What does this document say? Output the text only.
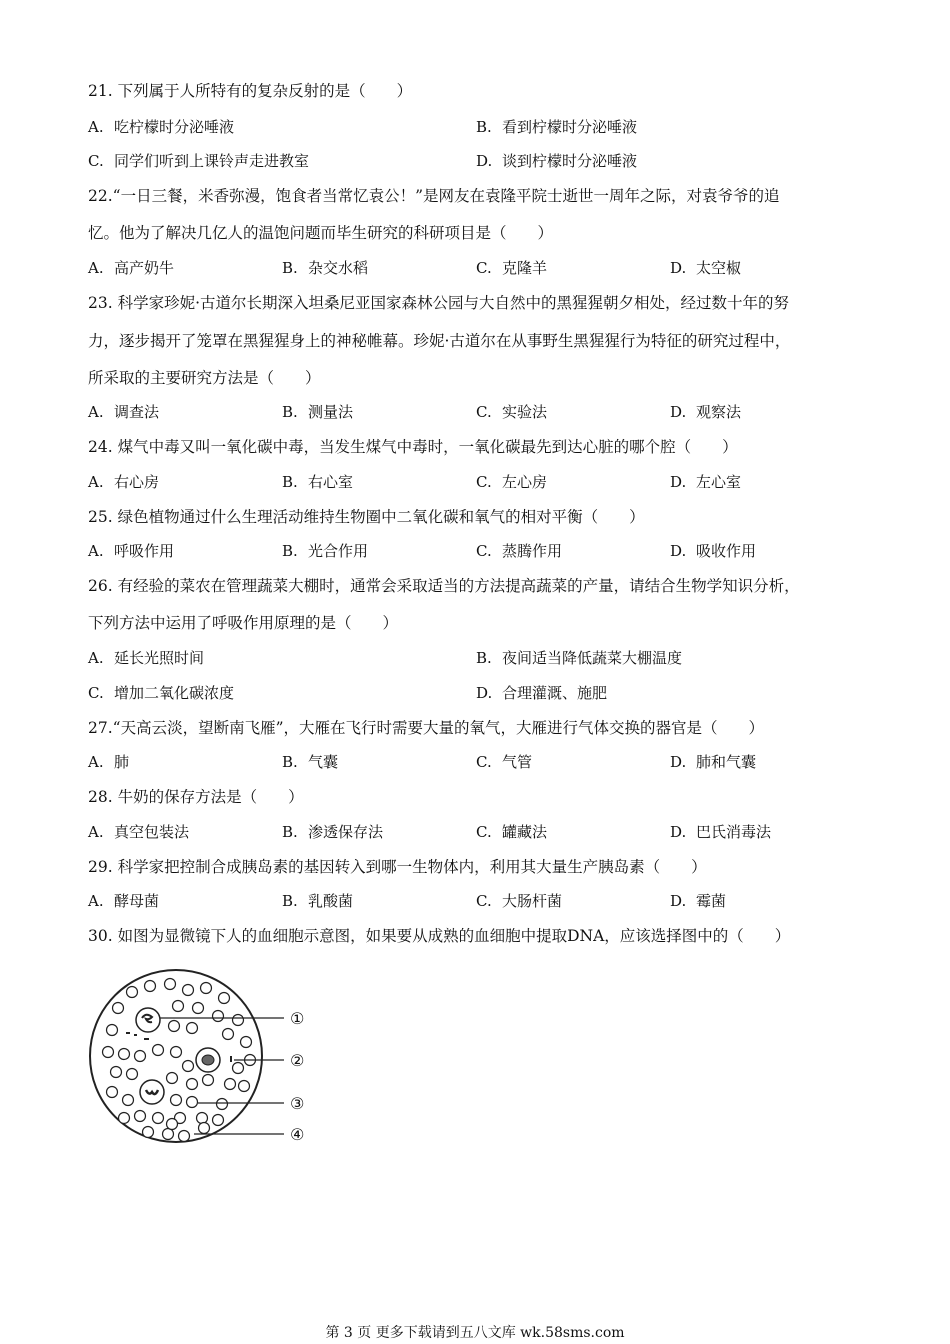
21. 下列属于人所特有的复杂反射的是（　　）
A. 吃柠檬时分泌唾液	B. 看到柠檬时分泌唾液
C. 同学们听到上课铃声走进教室	D. 谈到柠檬时分泌唾液
22.“一日三餐，米香弥漫，饱食者当常忆袁公！”是网友在袁隆平院士逝世一周年之际，对袁爷爷的追
忆。他为了解决几亿人的温饱问题而毕生研究的科研项目是（　　）
A. 高产奶牛	B. 杂交水稻	C. 克隆羊	D. 太空椒
23. 科学家珍妮·古道尔长期深入坦桑尼亚国家森林公园与大自然中的黑猩猩朝夕相处，经过数十年的努
力，逐步揭开了笼罩在黑猩猩身上的神秘帷幕。珍妮·古道尔在从事野生黑猩猩行为特征的研究过程中，
所采取的主要研究方法是（　　）
A. 调查法	B. 测量法	C. 实验法	D. 观察法
24. 煤气中毒又叫一氧化碳中毒，当发生煤气中毒时，一氧化碳最先到达心脏的哪个腔（　　）
A. 右心房	B. 右心室	C. 左心房	D. 左心室
25. 绿色植物通过什么生理活动维持生物圈中二氧化碳和氧气的相对平衡（　　）
A. 呼吸作用	B. 光合作用	C. 蒸腾作用	D. 吸收作用
26. 有经验的菜农在管理蔬菜大棚时，通常会采取适当的方法提高蔬菜的产量，请结合生物学知识分析，
下列方法中运用了呼吸作用原理的是（　　）
A. 延长光照时间	B. 夜间适当降低蔬菜大棚温度
C. 增加二氧化碳浓度	D. 合理灌溉、施肥
27.“天高云淡，望断南飞雁”，大雁在飞行时需要大量的氧气，大雁进行气体交换的器官是（　　）
A. 肺	B. 气囊	C. 气管	D. 肺和气囊
28. 牛奶的保存方法是（　　）
A. 真空包装法	B. 渗透保存法	C. 罐藏法	D. 巴氏消毒法
29. 科学家把控制合成胰岛素的基因转入到哪一生物体内，利用其大量生产胰岛素（　　）
A. 酵母菌	B. 乳酸菌	C. 大肠杆菌	D. 霉菌
30. 如图为显微镜下人的血细胞示意图，如果要从成熟的血细胞中提取DNA，应该选择图中的（　　）
①
②
③
④
第 3 页 更多下载请到五八文库 wk.58sms.com
